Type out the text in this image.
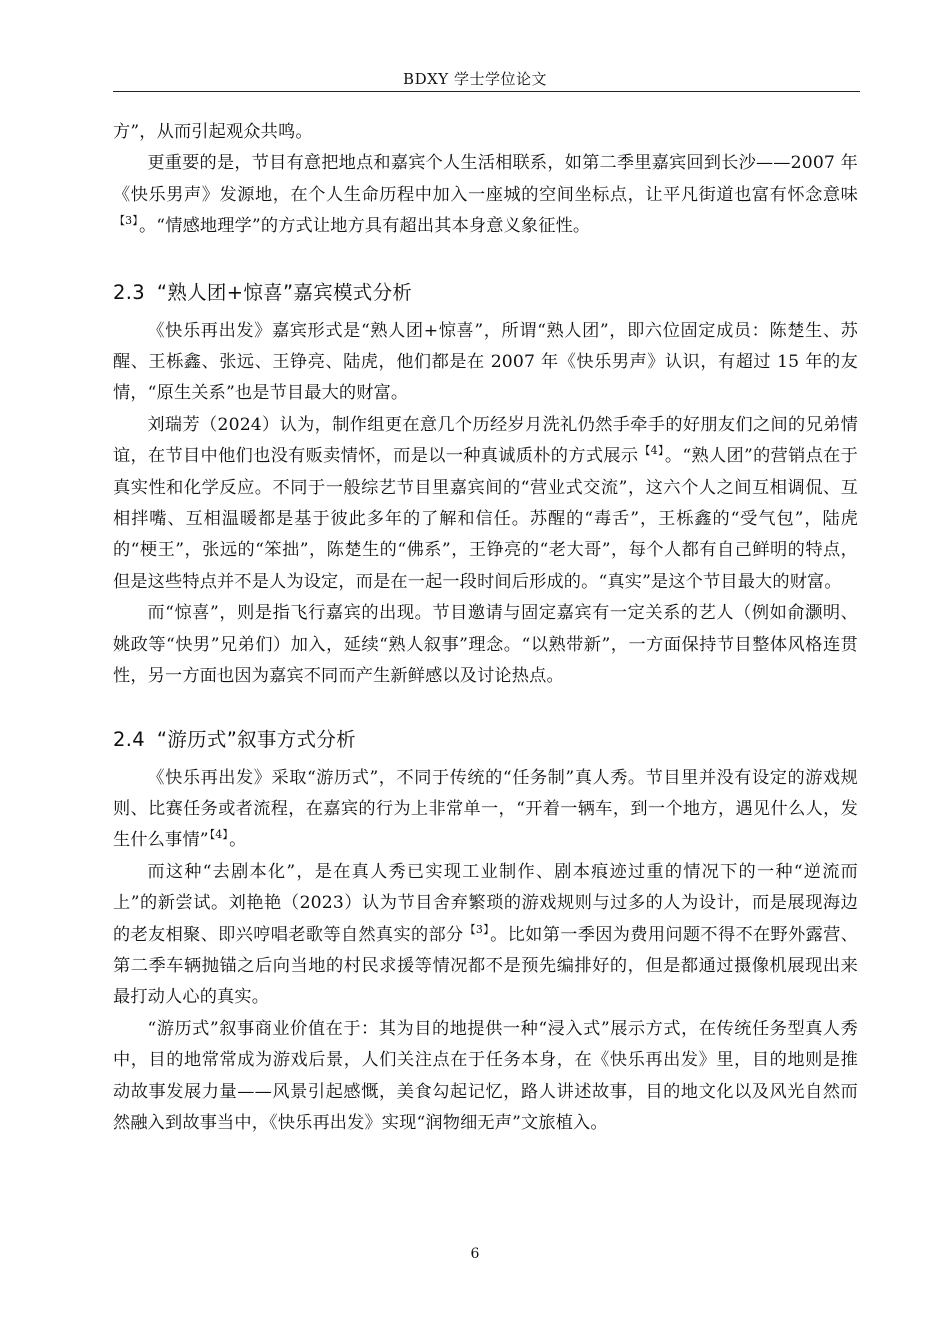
BDXY 学士学位论文

方”，从而引起观众共鸣。

更重要的是，节目有意把地点和嘉宾个人生活相联系，如第二季里嘉宾回到长沙——2007 年《快乐男声》发源地，在个人生命历程中加入一座城的空间坐标点，让平凡街道也富有怀念意味$^{【3】}$。“情感地理学”的方式让地方具有超出其本身意义象征性。

2.3 “熟人团+惊喜”嘉宾模式分析

《快乐再出发》嘉宾形式是“熟人团+惊喜”，所谓“熟人团”，即六位固定成员：陈楚生、苏醒、王栎鑫、张远、王铮亮、陆虎，他们都是在 2007 年《快乐男声》认识，有超过 15 年的友情，“原生关系”也是节目最大的财富。

刘瑞芳（2024）认为，制作组更在意几个历经岁月洗礼仍然手牵手的好朋友们之间的兄弟情谊，在节目中他们也没有贩卖情怀，而是以一种真诚质朴的方式展示$^{【4】}$。“熟人团”的营销点在于真实性和化学反应。不同于一般综艺节目里嘉宾间的“营业式交流”，这六个人之间互相调侃、互相拌嘴、互相温暖都是基于彼此多年的了解和信任。苏醒的“毒舌”，王栎鑫的“受气包”，陆虎的“梗王”，张远的“笨拙”，陈楚生的“佛系”，王铮亮的“老大哥”，每个人都有自己鲜明的特点，但是这些特点并不是人为设定，而是在一起一段时间后形成的。“真实”是这个节目最大的财富。

而“惊喜”，则是指飞行嘉宾的出现。节目邀请与固定嘉宾有一定关系的艺人（例如俞灏明、姚政等“快男”兄弟们）加入，延续“熟人叙事”理念。“以熟带新”，一方面保持节目整体风格连贯性，另一方面也因为嘉宾不同而产生新鲜感以及讨论热点。

2.4 “游历式”叙事方式分析

《快乐再出发》采取“游历式”，不同于传统的“任务制”真人秀。节目里并没有设定的游戏规则、比赛任务或者流程，在嘉宾的行为上非常单一，“开着一辆车，到一个地方，遇见什么人，发生什么事情”$^{【4】}$。

而这种“去剧本化”，是在真人秀已实现工业制作、剧本痕迹过重的情况下的一种“逆流而上”的新尝试。刘艳艳（2023）认为节目舍弃繁琐的游戏规则与过多的人为设计，而是展现海边的老友相聚、即兴哼唱老歌等自然真实的部分$^{【3】}$。比如第一季因为费用问题不得不在野外露营、第二季车辆抛锚之后向当地的村民求援等情况都不是预先编排好的，但是都通过摄像机展现出来最打动人心的真实。

“游历式”叙事商业价值在于：其为目的地提供一种“浸入式”展示方式，在传统任务型真人秀中，目的地常常成为游戏后景，人们关注点在于任务本身，在《快乐再出发》里，目的地则是推动故事发展力量——风景引起感慨，美食勾起记忆，路人讲述故事，目的地文化以及风光自然而然融入到故事当中，《快乐再出发》实现“润物细无声”文旅植入。

6
